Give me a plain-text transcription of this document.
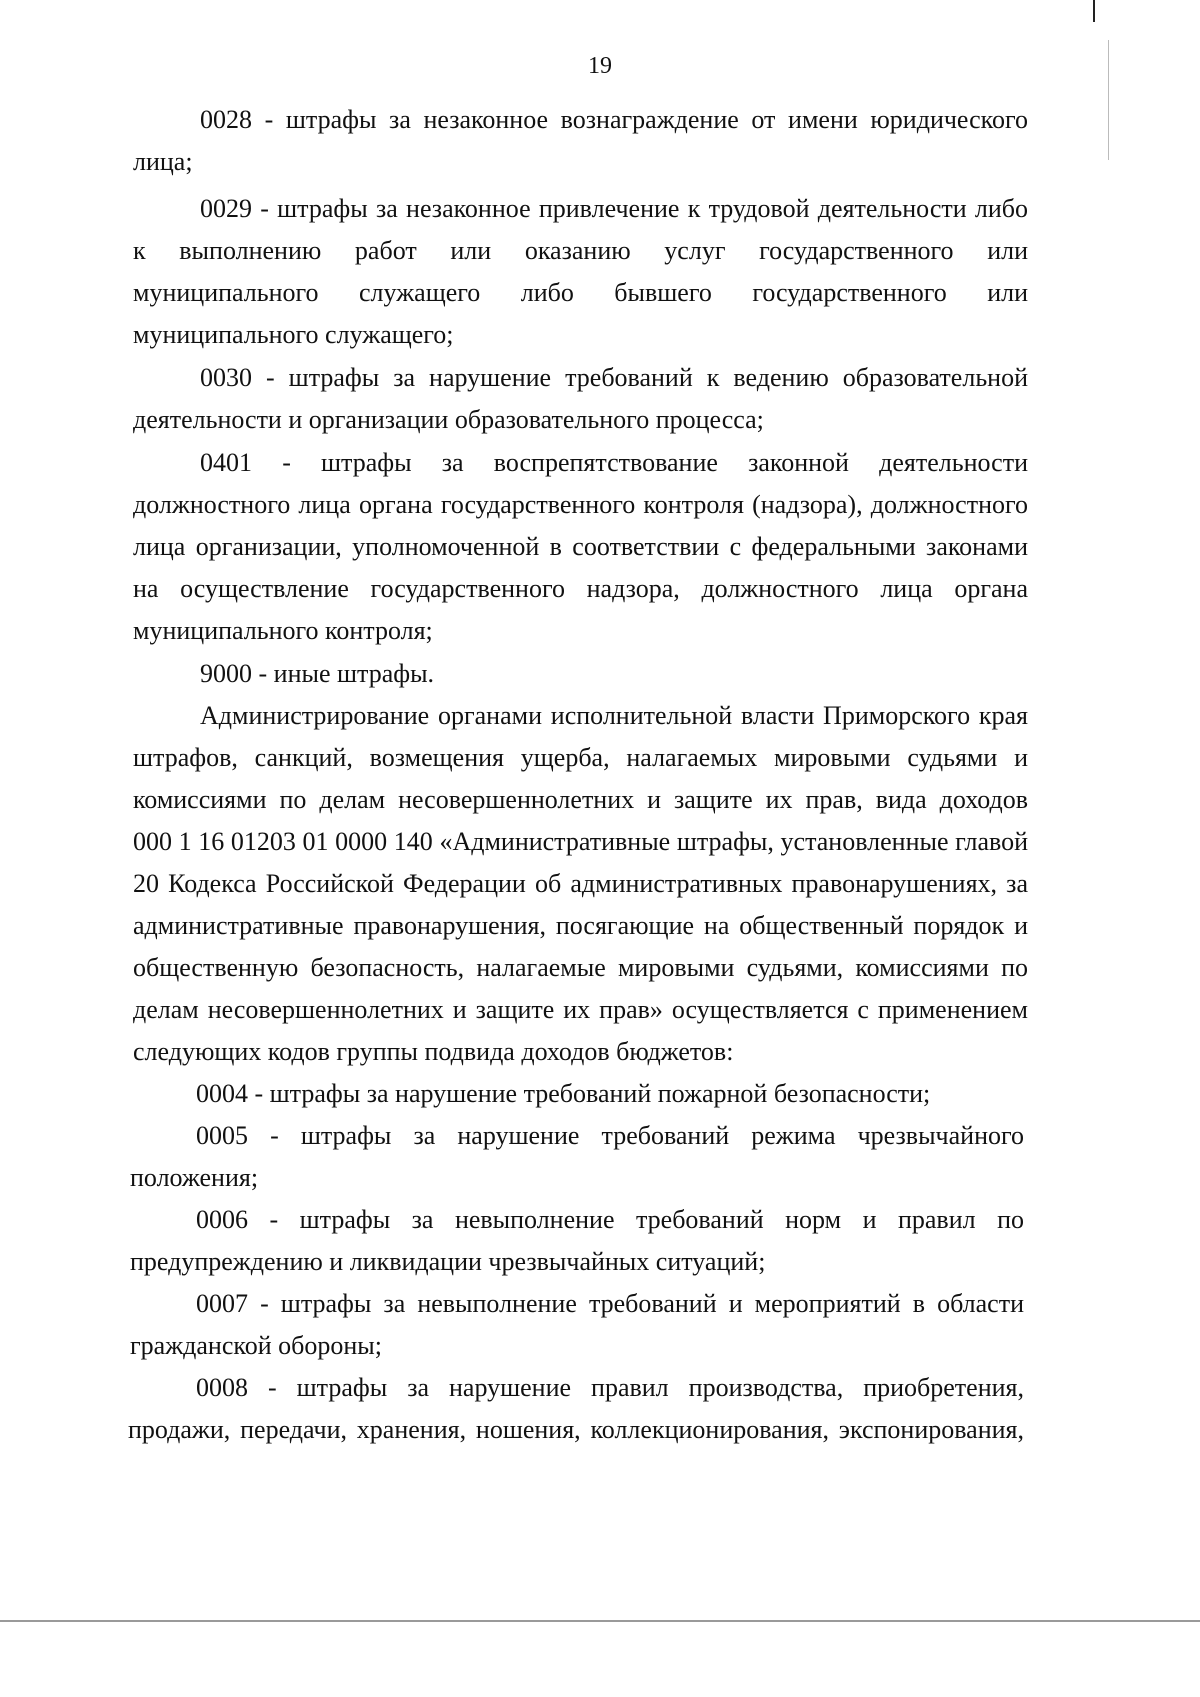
19
0028 - штрафы за незаконное вознаграждение от имени юридического
лица;
0029 - штрафы за незаконное привлечение к трудовой деятельности либо
к выполнению работ или оказанию услуг государственного или
муниципального служащего либо бывшего государственного или
муниципального служащего;
0030 - штрафы за нарушение требований к ведению образовательной
деятельности и организации образовательного процесса;
0401 - штрафы за воспрепятствование законной деятельности
должностного лица органа государственного контроля (надзора), должностного
лица организации, уполномоченной в соответствии с федеральными законами
на осуществление государственного надзора, должностного лица органа
муниципального контроля;
9000 - иные штрафы.
Администрирование органами исполнительной власти Приморского края
штрафов, санкций, возмещения ущерба, налагаемых мировыми судьями и
комиссиями по делам несовершеннолетних и защите их прав, вида доходов
000 1 16 01203 01 0000 140 «Административные штрафы, установленные главой
20 Кодекса Российской Федерации об административных правонарушениях, за
административные правонарушения, посягающие на общественный порядок и
общественную безопасность, налагаемые мировыми судьями, комиссиями по
делам несовершеннолетних и защите их прав» осуществляется с применением
следующих кодов группы подвида доходов бюджетов:
0004 - штрафы за нарушение требований пожарной безопасности;
0005 - штрафы за нарушение требований режима чрезвычайного
положения;
0006 - штрафы за невыполнение требований норм и правил по
предупреждению и ликвидации чрезвычайных ситуаций;
0007 - штрафы за невыполнение требований и мероприятий в области
гражданской обороны;
0008 - штрафы за нарушение правил производства, приобретения,
продажи, передачи, хранения, ношения, коллекционирования, экспонирования,
